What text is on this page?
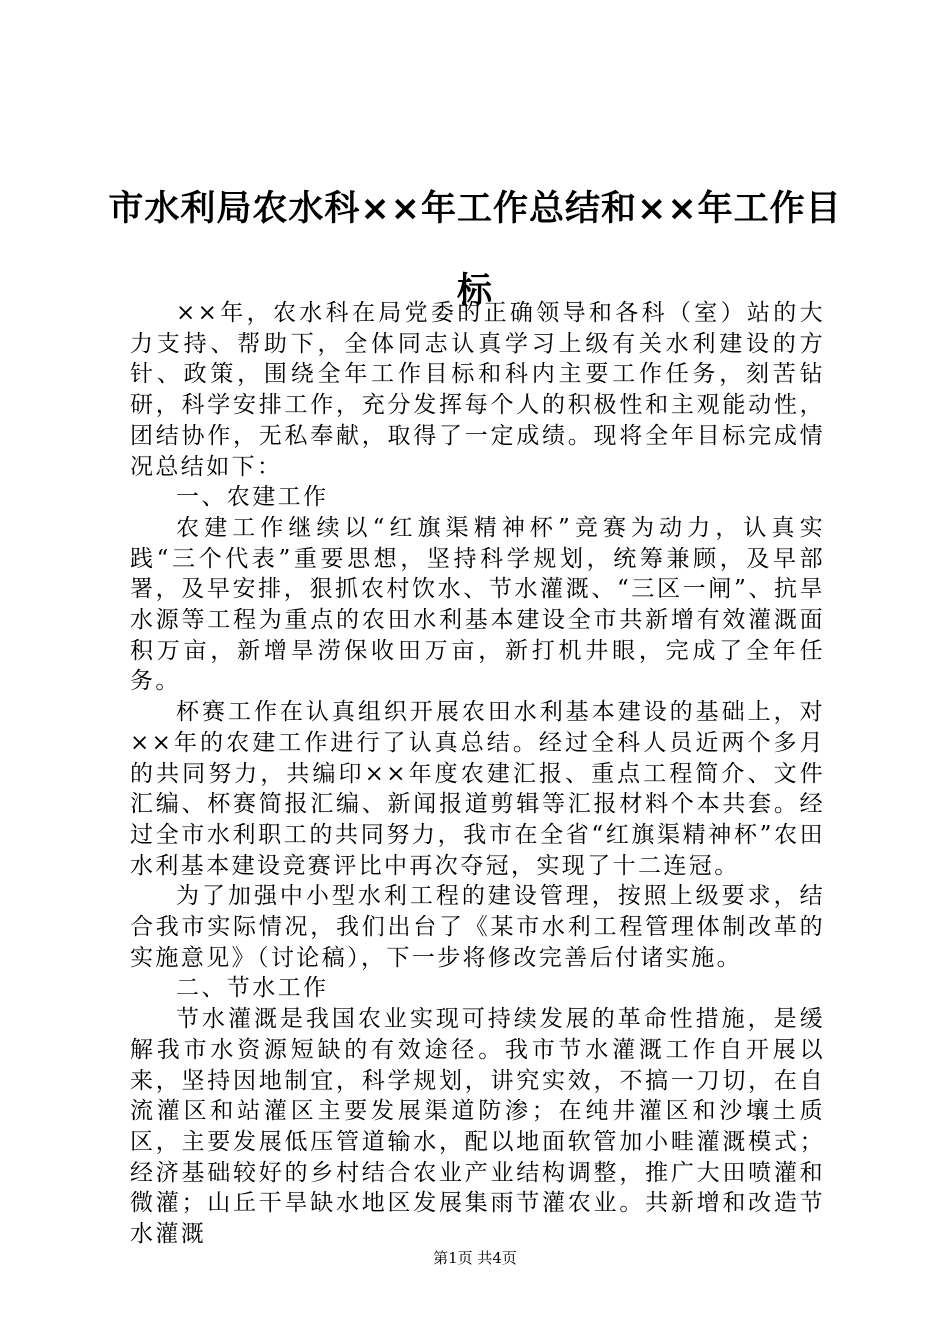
市水利局农水科××年工作总结和××年工作目标

××年，农水科在局党委的正确领导和各科（室）站的大力支持、帮助下，全体同志认真学习上级有关水利建设的方针、政策，围绕全年工作目标和科内主要工作任务，刻苦钻研，科学安排工作，充分发挥每个人的积极性和主观能动性，团结协作，无私奉献，取得了一定成绩。现将全年目标完成情况总结如下：

一、农建工作

农建工作继续以“红旗渠精神杯”竞赛为动力，认真实践“三个代表”重要思想，坚持科学规划，统筹兼顾，及早部署，及早安排，狠抓农村饮水、节水灌溉、“三区一闸”、抗旱水源等工程为重点的农田水利基本建设全市共新增有效灌溉面积万亩，新增旱涝保收田万亩，新打机井眼，完成了全年任务。

杯赛工作在认真组织开展农田水利基本建设的基础上，对××年的农建工作进行了认真总结。经过全科人员近两个多月的共同努力，共编印××年度农建汇报、重点工程简介、文件汇编、杯赛简报汇编、新闻报道剪辑等汇报材料个本共套。经过全市水利职工的共同努力，我市在全省“红旗渠精神杯”农田水利基本建设竞赛评比中再次夺冠，实现了十二连冠。

为了加强中小型水利工程的建设管理，按照上级要求，结合我市实际情况，我们出台了《某市水利工程管理体制改革的实施意见》（讨论稿），下一步将修改完善后付诸实施。

二、节水工作

节水灌溉是我国农业实现可持续发展的革命性措施，是缓解我市水资源短缺的有效途径。我市节水灌溉工作自开展以来，坚持因地制宜，科学规划，讲究实效，不搞一刀切，在自流灌区和站灌区主要发展渠道防渗；在纯井灌区和沙壤土质区，主要发展低压管道输水，配以地面软管加小畦灌溉模式；经济基础较好的乡村结合农业产业结构调整，推广大田喷灌和微灌；山丘干旱缺水地区发展集雨节灌农业。共新增和改造节水灌溉

第1页 共4页
